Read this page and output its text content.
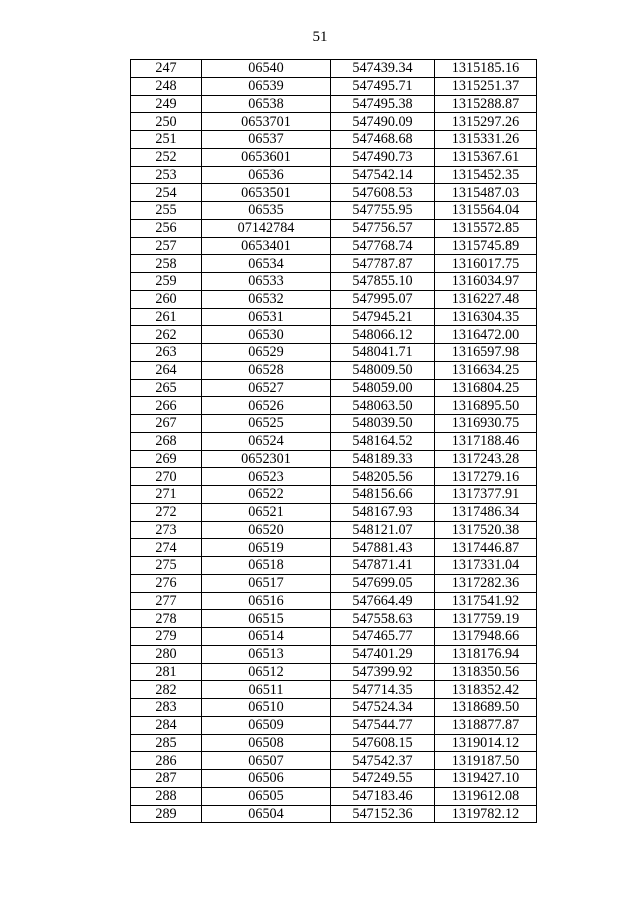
51
247	06540	547439.34	1315185.16
248	06539	547495.71	1315251.37
249	06538	547495.38	1315288.87
250	0653701	547490.09	1315297.26
251	06537	547468.68	1315331.26
252	0653601	547490.73	1315367.61
253	06536	547542.14	1315452.35
254	0653501	547608.53	1315487.03
255	06535	547755.95	1315564.04
256	07142784	547756.57	1315572.85
257	0653401	547768.74	1315745.89
258	06534	547787.87	1316017.75
259	06533	547855.10	1316034.97
260	06532	547995.07	1316227.48
261	06531	547945.21	1316304.35
262	06530	548066.12	1316472.00
263	06529	548041.71	1316597.98
264	06528	548009.50	1316634.25
265	06527	548059.00	1316804.25
266	06526	548063.50	1316895.50
267	06525	548039.50	1316930.75
268	06524	548164.52	1317188.46
269	0652301	548189.33	1317243.28
270	06523	548205.56	1317279.16
271	06522	548156.66	1317377.91
272	06521	548167.93	1317486.34
273	06520	548121.07	1317520.38
274	06519	547881.43	1317446.87
275	06518	547871.41	1317331.04
276	06517	547699.05	1317282.36
277	06516	547664.49	1317541.92
278	06515	547558.63	1317759.19
279	06514	547465.77	1317948.66
280	06513	547401.29	1318176.94
281	06512	547399.92	1318350.56
282	06511	547714.35	1318352.42
283	06510	547524.34	1318689.50
284	06509	547544.77	1318877.87
285	06508	547608.15	1319014.12
286	06507	547542.37	1319187.50
287	06506	547249.55	1319427.10
288	06505	547183.46	1319612.08
289	06504	547152.36	1319782.12
